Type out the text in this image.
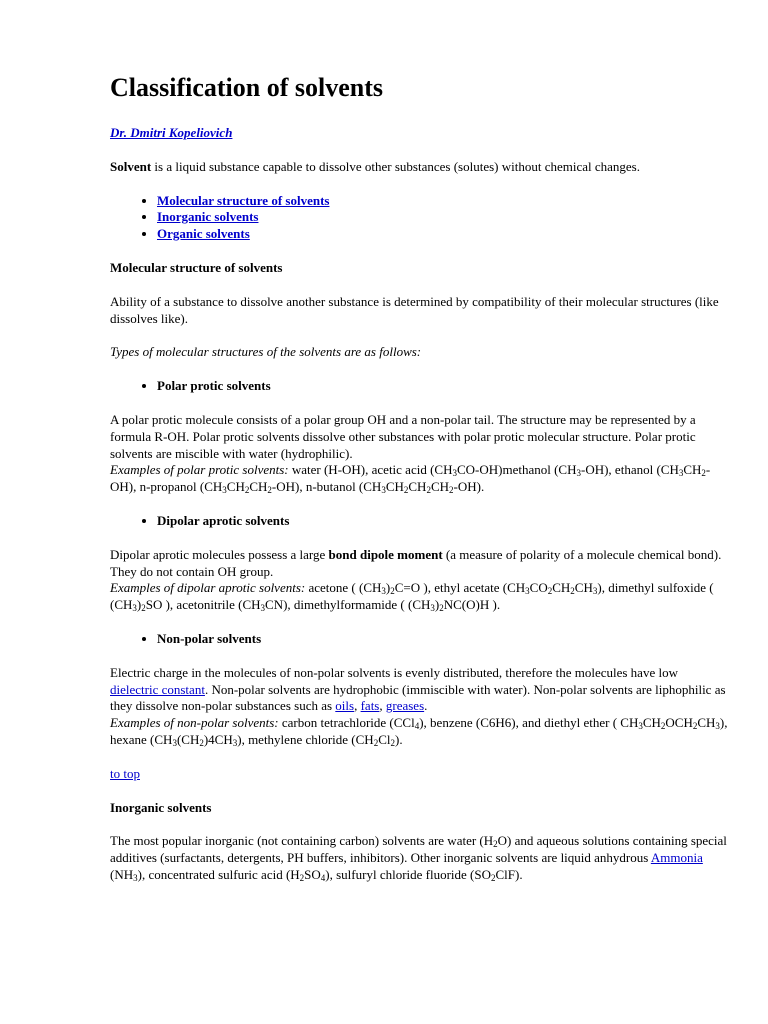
Classification of solvents

Dr. Dmitri Kopeliovich

Solvent is a liquid substance capable to dissolve other substances (solutes) without chemical changes.

• Molecular structure of solvents
• Inorganic solvents
• Organic solvents

Molecular structure of solvents

Ability of a substance to dissolve another substance is determined by compatibility of their molecular structures (like dissolves like).

Types of molecular structures of the solvents are as follows:

• Polar protic solvents

A polar protic molecule consists of a polar group OH and a non-polar tail. The structure may be represented by a formula R-OH. Polar protic solvents dissolve other substances with polar protic molecular structure. Polar protic solvents are miscible with water (hydrophilic).
Examples of polar protic solvents: water (H-OH), acetic acid $(CH_3CO-OH)methanol$ $(CH_3-OH)$, ethanol $(CH_3CH_2-OH)$, n-propanol $(CH_3CH_2CH_2-OH)$, n-butanol $(CH_3CH_2CH_2CH_2-OH)$.

• Dipolar aprotic solvents

Dipolar aprotic molecules possess a large bond dipole moment (a measure of polarity of a molecule chemical bond). They do not contain OH group.
Examples of dipolar aprotic solvents: acetone ( $(CH_3)_2C=O$ ), ethyl acetate $(CH_3CO_2CH_2CH_3)$, dimethyl sulfoxide ( $(CH_3)_2SO$ ), acetonitrile $(CH_3CN)$, dimethylformamide ( $(CH_3)_2NC(O)H$ ).

• Non-polar solvents

Electric charge in the molecules of non-polar solvents is evenly distributed, therefore the molecules have low dielectric constant. Non-polar solvents are hydrophobic (immiscible with water). Non-polar solvents are liphophilic as they dissolve non-polar substances such as oils, fats, greases.
Examples of non-polar solvents: carbon tetrachloride (CCl$_4$), benzene (C6H6), and diethyl ether ( $CH_3CH_2OCH_2CH_3$), hexane $(CH_3(CH_2)4CH_3)$, methylene chloride $(CH_2Cl_2)$.

to top

Inorganic solvents

The most popular inorganic (not containing carbon) solvents are water $(H_2O)$ and aqueous solutions containing special additives (surfactants, detergents, PH buffers, inhibitors). Other inorganic solvents are liquid anhydrous Ammonia $(NH_3)$, concentrated sulfuric acid $(H_2SO_4)$, sulfuryl chloride fluoride $(SO_2ClF)$.
